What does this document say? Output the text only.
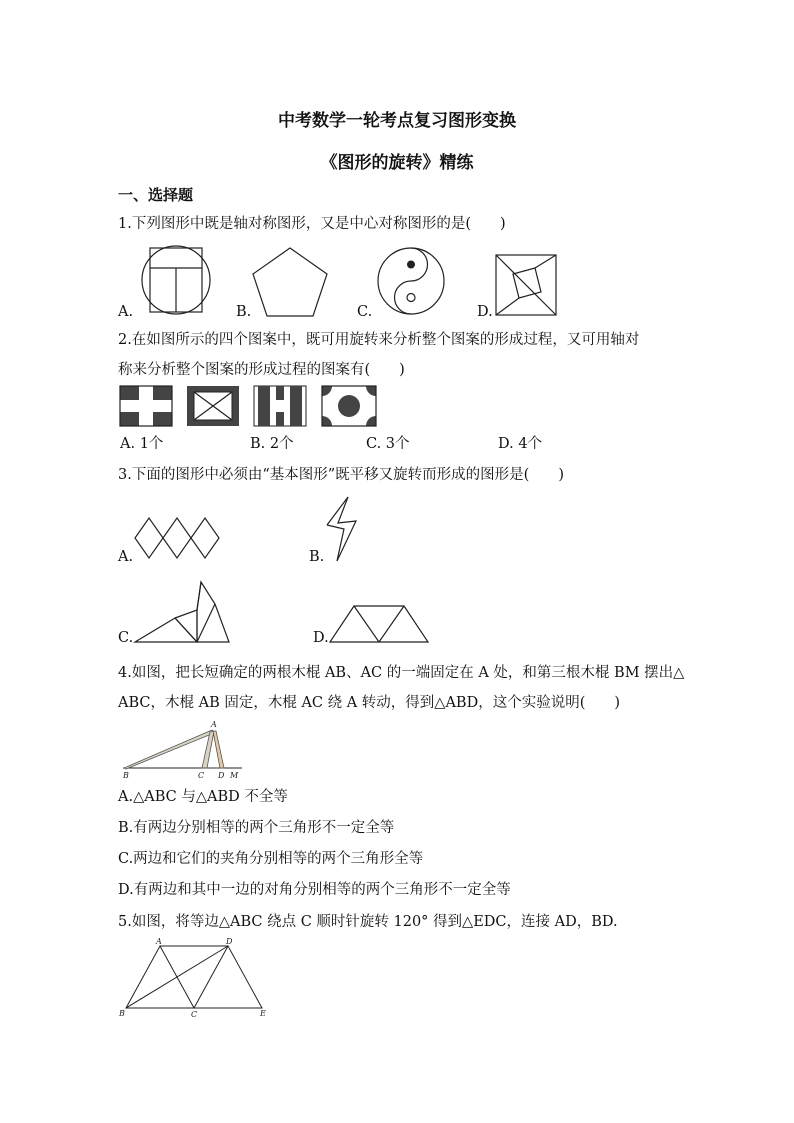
中考数学一轮考点复习图形变换
《图形的旋转》精练
一、选择题
1.下列图形中既是轴对称图形，又是中心对称图形的是(　　)
A.	B.	C.	D.
2.在如图所示的四个图案中，既可用旋转来分析整个图案的形成过程，又可用轴对
称来分析整个图案的形成过程的图案有(　　)
A. 1个	B. 2个	C. 3个	D. 4个
3.下面的图形中必须由“基本图形”既平移又旋转而形成的图形是(　　)
A.	B.
C.	D.
4.如图，把长短确定的两根木棍 AB、AC 的一端固定在 A 处，和第三根木棍 BM 摆出△
ABC，木棍 AB 固定，木棍 AC 绕 A 转动，得到△ABD，这个实验说明(　　)
A
B	C D M
A.△ABC 与△ABD 不全等
B.有两边分别相等的两个三角形不一定全等
C.两边和它们的夹角分别相等的两个三角形全等
D.有两边和其中一边的对角分别相等的两个三角形不一定全等
5.如图，将等边△ABC 绕点 C 顺时针旋转 120° 得到△EDC，连接 AD，BD.
A	D
B	C	E
